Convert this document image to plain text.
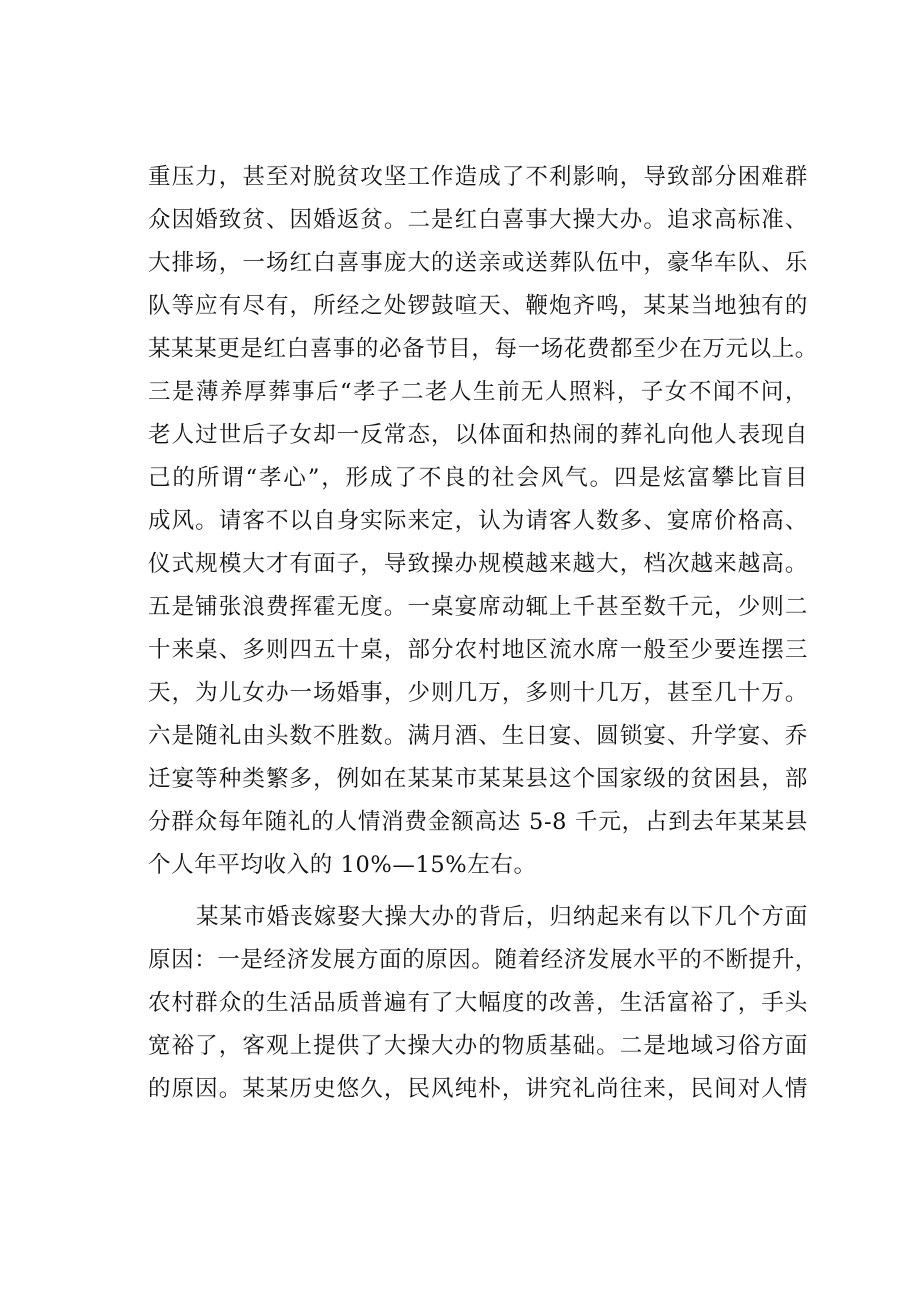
重压力，甚至对脱贫攻坚工作造成了不利影响，导致部分困难群
众因婚致贫、因婚返贫。二是红白喜事大操大办。追求高标准、
大排场，一场红白喜事庞大的送亲或送葬队伍中，豪华车队、乐
队等应有尽有，所经之处锣鼓喧天、鞭炮齐鸣，某某当地独有的
某某某更是红白喜事的必备节目，每一场花费都至少在万元以上。
三是薄养厚葬事后“孝子二老人生前无人照料，子女不闻不问，
老人过世后子女却一反常态，以体面和热闹的葬礼向他人表现自
己的所谓“孝心”，形成了不良的社会风气。四是炫富攀比盲目
成风。请客不以自身实际来定，认为请客人数多、宴席价格高、
仪式规模大才有面子，导致操办规模越来越大，档次越来越高。
五是铺张浪费挥霍无度。一桌宴席动辄上千甚至数千元，少则二
十来桌、多则四五十桌，部分农村地区流水席一般至少要连摆三
天，为儿女办一场婚事，少则几万，多则十几万，甚至几十万。
六是随礼由头数不胜数。满月酒、生日宴、圆锁宴、升学宴、乔
迁宴等种类繁多，例如在某某市某某县这个国家级的贫困县，部
分群众每年随礼的人情消费金额高达 5-8 千元，占到去年某某县
个人年平均收入的 10%—15%左右。
某某市婚丧嫁娶大操大办的背后，归纳起来有以下几个方面
原因：一是经济发展方面的原因。随着经济发展水平的不断提升，
农村群众的生活品质普遍有了大幅度的改善，生活富裕了，手头
宽裕了，客观上提供了大操大办的物质基础。二是地域习俗方面
的原因。某某历史悠久，民风纯朴，讲究礼尚往来，民间对人情
